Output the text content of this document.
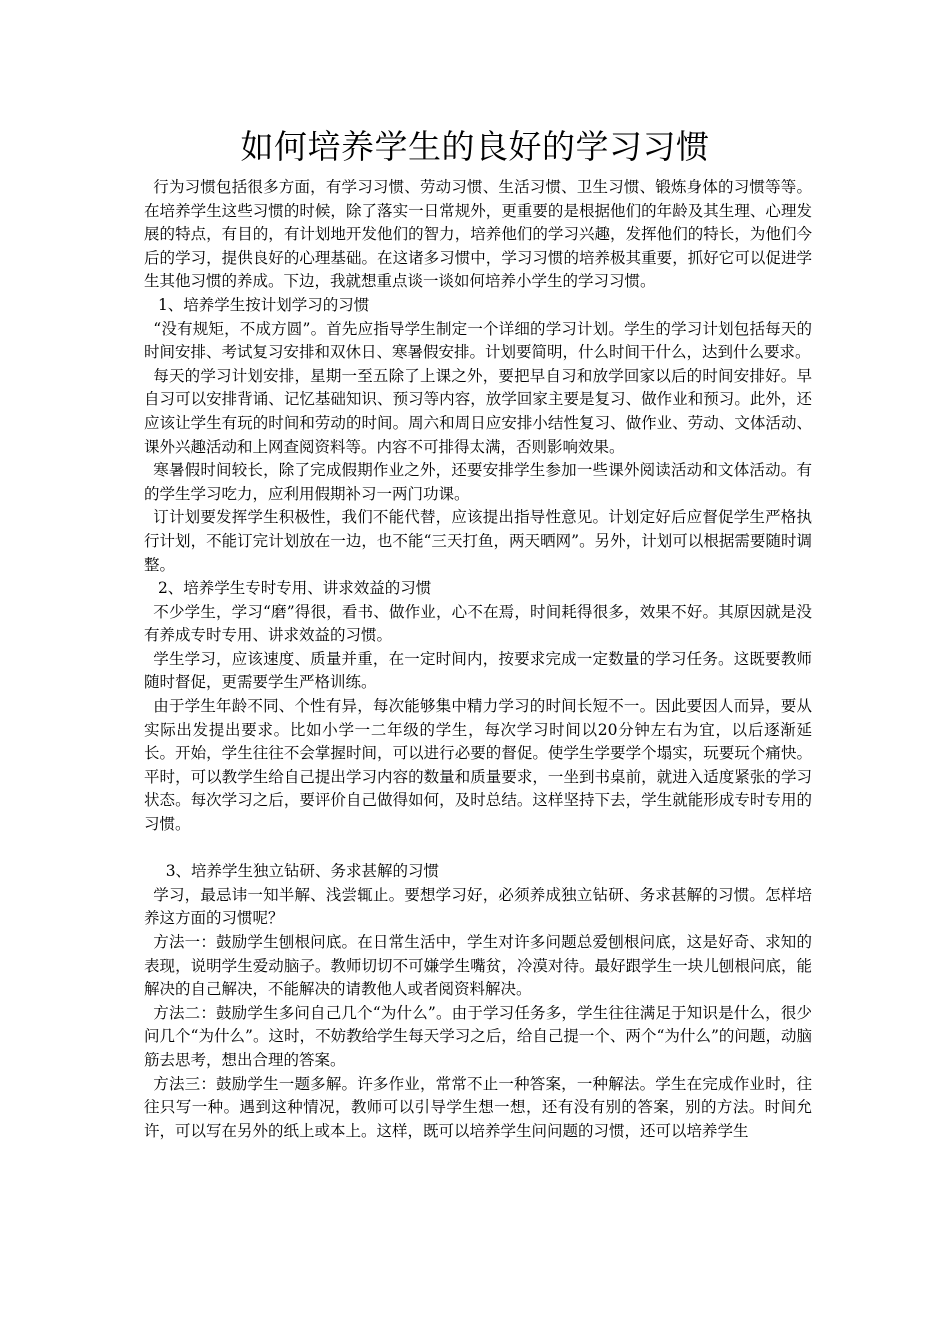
如何培养学生的良好的学习习惯

行为习惯包括很多方面，有学习习惯、劳动习惯、生活习惯、卫生习惯、锻炼身体的习惯等等。在培养学生这些习惯的时候，除了落实一日常规外，更重要的是根据他们的年龄及其生理、心理发展的特点，有目的，有计划地开发他们的智力，培养他们的学习兴趣，发挥他们的特长，为他们今后的学习，提供良好的心理基础。在这诸多习惯中，学习习惯的培养极其重要，抓好它可以促进学生其他习惯的养成。下边，我就想重点谈一谈如何培养小学生的学习习惯。

1、培养学生按计划学习的习惯

“没有规矩，不成方圆”。首先应指导学生制定一个详细的学习计划。学生的学习计划包括每天的时间安排、考试复习安排和双休日、寒暑假安排。计划要简明，什么时间干什么，达到什么要求。

每天的学习计划安排，星期一至五除了上课之外，要把早自习和放学回家以后的时间安排好。早自习可以安排背诵、记忆基础知识、预习等内容，放学回家主要是复习、做作业和预习。此外，还应该让学生有玩的时间和劳动的时间。周六和周日应安排小结性复习、做作业、劳动、文体活动、课外兴趣活动和上网查阅资料等。内容不可排得太满，否则影响效果。

寒暑假时间较长，除了完成假期作业之外，还要安排学生参加一些课外阅读活动和文体活动。有的学生学习吃力，应利用假期补习一两门功课。

订计划要发挥学生积极性，我们不能代替，应该提出指导性意见。计划定好后应督促学生严格执行计划，不能订完计划放在一边，也不能“三天打鱼，两天晒网”。另外，计划可以根据需要随时调整。

2、培养学生专时专用、讲求效益的习惯

不少学生，学习“磨”得很，看书、做作业，心不在焉，时间耗得很多，效果不好。其原因就是没有养成专时专用、讲求效益的习惯。

学生学习，应该速度、质量并重，在一定时间内，按要求完成一定数量的学习任务。这既要教师随时督促，更需要学生严格训练。

由于学生年龄不同、个性有异，每次能够集中精力学习的时间长短不一。因此要因人而异，要从实际出发提出要求。比如小学一二年级的学生，每次学习时间以20分钟左右为宜，以后逐渐延长。开始，学生往往不会掌握时间，可以进行必要的督促。使学生学要学个塌实，玩要玩个痛快。平时，可以教学生给自己提出学习内容的数量和质量要求，一坐到书桌前，就进入适度紧张的学习状态。每次学习之后，要评价自己做得如何，及时总结。这样坚持下去，学生就能形成专时专用的习惯。

3、培养学生独立钻研、务求甚解的习惯

学习，最忌讳一知半解、浅尝辄止。要想学习好，必须养成独立钻研、务求甚解的习惯。怎样培养这方面的习惯呢？

方法一：鼓励学生刨根问底。在日常生活中，学生对许多问题总爱刨根问底，这是好奇、求知的表现，说明学生爱动脑子。教师切切不可嫌学生嘴贫，冷漠对待。最好跟学生一块儿刨根问底，能解决的自己解决，不能解决的请教他人或者阅资料解决。

方法二：鼓励学生多问自己几个“为什么”。由于学习任务多，学生往往满足于知识是什么，很少问几个“为什么”。这时，不妨教给学生每天学习之后，给自己提一个、两个“为什么”的问题，动脑筋去思考，想出合理的答案。

方法三：鼓励学生一题多解。许多作业，常常不止一种答案，一种解法。学生在完成作业时，往往只写一种。遇到这种情况，教师可以引导学生想一想，还有没有别的答案，别的方法。时间允许，可以写在另外的纸上或本上。这样，既可以培养学生问问题的习惯，还可以培养学生
